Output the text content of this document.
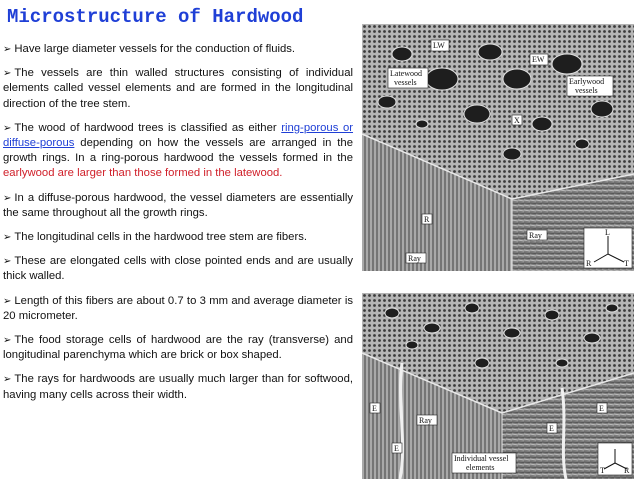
Microstructure of Hardwood
➢ Have large diameter vessels for the conduction of fluids.
➢ The vessels are thin walled structures consisting of individual elements called vessel elements and are formed in the longitudinal direction of the tree stem.
➢ The wood of hardwood trees is classified as either ring-porous or diffuse-porous depending on how the vessels are arranged in the growth rings. In a ring-porous hardwood the vessels formed in the earlywood are larger than those formed in the latewood.
➢ In a diffuse-porous hardwood, the vessel diameters are essentially the same throughout all the growth rings.
➢ The longitudinal cells in the hardwood tree stem are fibers.
➢ These are elongated cells with close pointed ends and are usually thick walled.
➢ Length of this fibers are about 0.7 to 3 mm and average diameter is 20 micrometer.
➢ The food storage cells of hardwood are the ray (transverse) and longitudinal parenchyma which are brick or box shaped.
➢ The rays for hardwoods are usually much larger than for softwood, having many cells across their width.
LW
EW
Latewood
vessels	Earlywood
vessels
X
R
Ray
Ray
L
R	T
Ray
E
E
E
E
Individual vessel
elements	T R
